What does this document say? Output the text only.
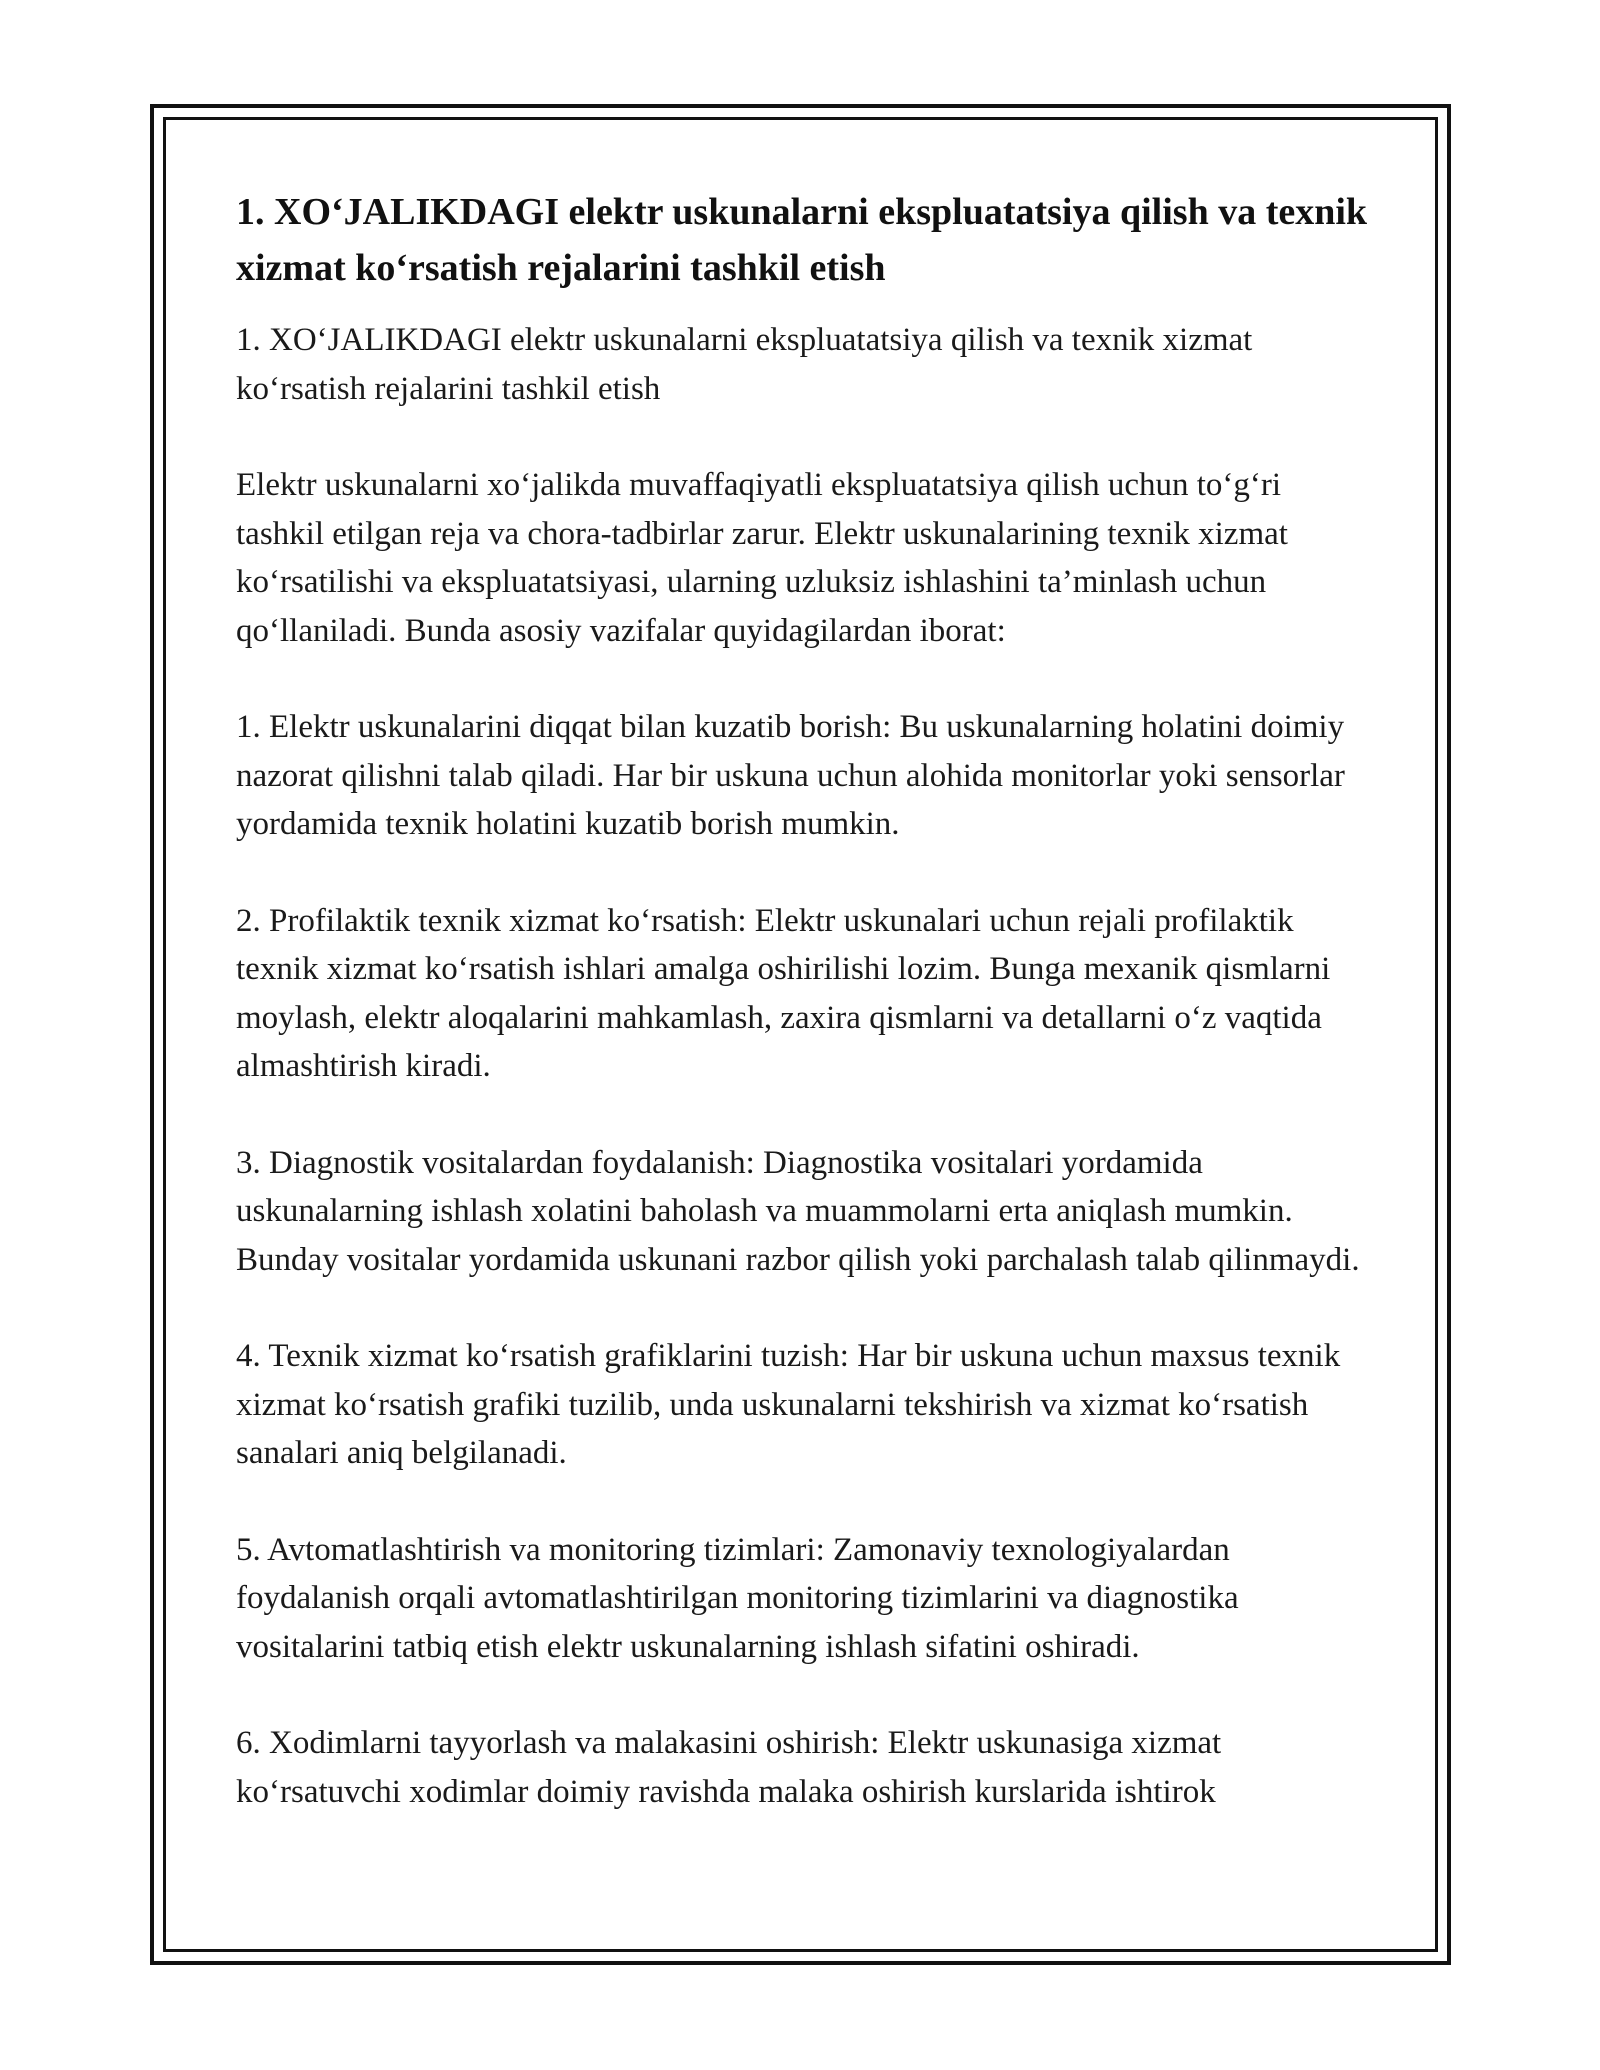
1. XO‘JALIKDAGI elektr uskunalarni ekspluatatsiya qilish va texnik xizmat ko‘rsatish rejalarini tashkil etish

1. XO‘JALIKDAGI elektr uskunalarni ekspluatatsiya qilish va texnik xizmat ko‘rsatish rejalarini tashkil etish

Elektr uskunalarni xo‘jalikda muvaffaqiyatli ekspluatatsiya qilish uchun to‘g‘ri tashkil etilgan reja va chora-tadbirlar zarur. Elektr uskunalarining texnik xizmat ko‘rsatilishi va ekspluatatsiyasi, ularning uzluksiz ishlashini ta’minlash uchun qo‘llaniladi. Bunda asosiy vazifalar quyidagilardan iborat:

1. Elektr uskunalarini diqqat bilan kuzatib borish: Bu uskunalarning holatini doimiy nazorat qilishni talab qiladi. Har bir uskuna uchun alohida monitorlar yoki sensorlar yordamida texnik holatini kuzatib borish mumkin.

2. Profilaktik texnik xizmat ko‘rsatish: Elektr uskunalari uchun rejali profilaktik texnik xizmat ko‘rsatish ishlari amalga oshirilishi lozim. Bunga mexanik qismlarni moylash, elektr aloqalarini mahkamlash, zaxira qismlarni va detallarni o‘z vaqtida almashtirish kiradi.

3. Diagnostik vositalardan foydalanish: Diagnostika vositalari yordamida uskunalarning ishlash xolatini baholash va muammolarni erta aniqlash mumkin. Bunday vositalar yordamida uskunani razbor qilish yoki parchalash talab qilinmaydi.

4. Texnik xizmat ko‘rsatish grafiklarini tuzish: Har bir uskuna uchun maxsus texnik xizmat ko‘rsatish grafiki tuzilib, unda uskunalarni tekshirish va xizmat ko‘rsatish sanalari aniq belgilanadi.

5. Avtomatlashtirish va monitoring tizimlari: Zamonaviy texnologiyalardan foydalanish orqali avtomatlashtirilgan monitoring tizimlarini va diagnostika vositalarini tatbiq etish elektr uskunalarning ishlash sifatini oshiradi.

6. Xodimlarni tayyorlash va malakasini oshirish: Elektr uskunasiga xizmat ko‘rsatuvchi xodimlar doimiy ravishda malaka oshirish kurslarida ishtirok
